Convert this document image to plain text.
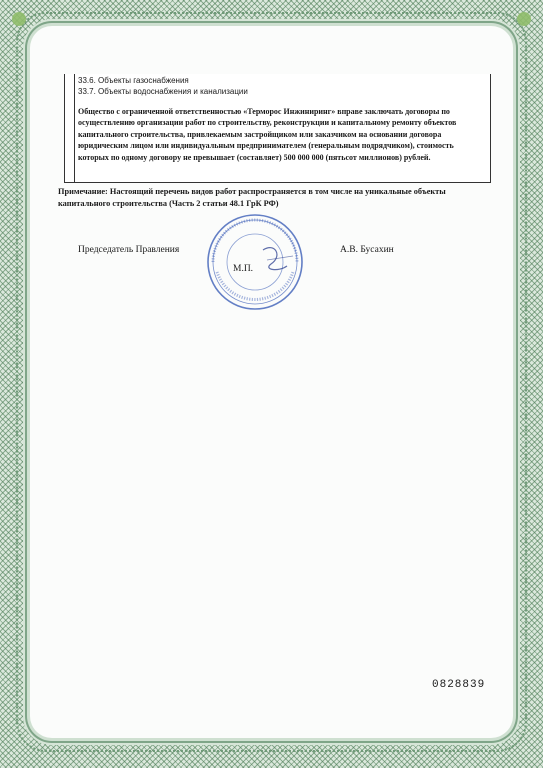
33.6. Объекты газоснабжения
33.7. Объекты водоснабжения и канализации
Общество с ограниченной ответственностью «Терморос Инжиниринг» вправе заключать договоры по осуществлению организации работ по строительству, реконструкции и капитальному ремонту объектов капитального строительства, привлекаемым застройщиком или заказчиком на основании договора юридическим лицом или индивидуальным предпринимателем (генеральным подрядчиком), стоимость которых по одному договору не превышает (составляет) 500 000 000 (пятьсот миллионов) рублей.
Примечание: Настоящий перечень видов работ распространяется в том числе на уникальные объекты капитального строительства (Часть 2 статьи 48.1 ГрК РФ)
Председатель Правления	А.В. Бусахин
М.П.
0828839
